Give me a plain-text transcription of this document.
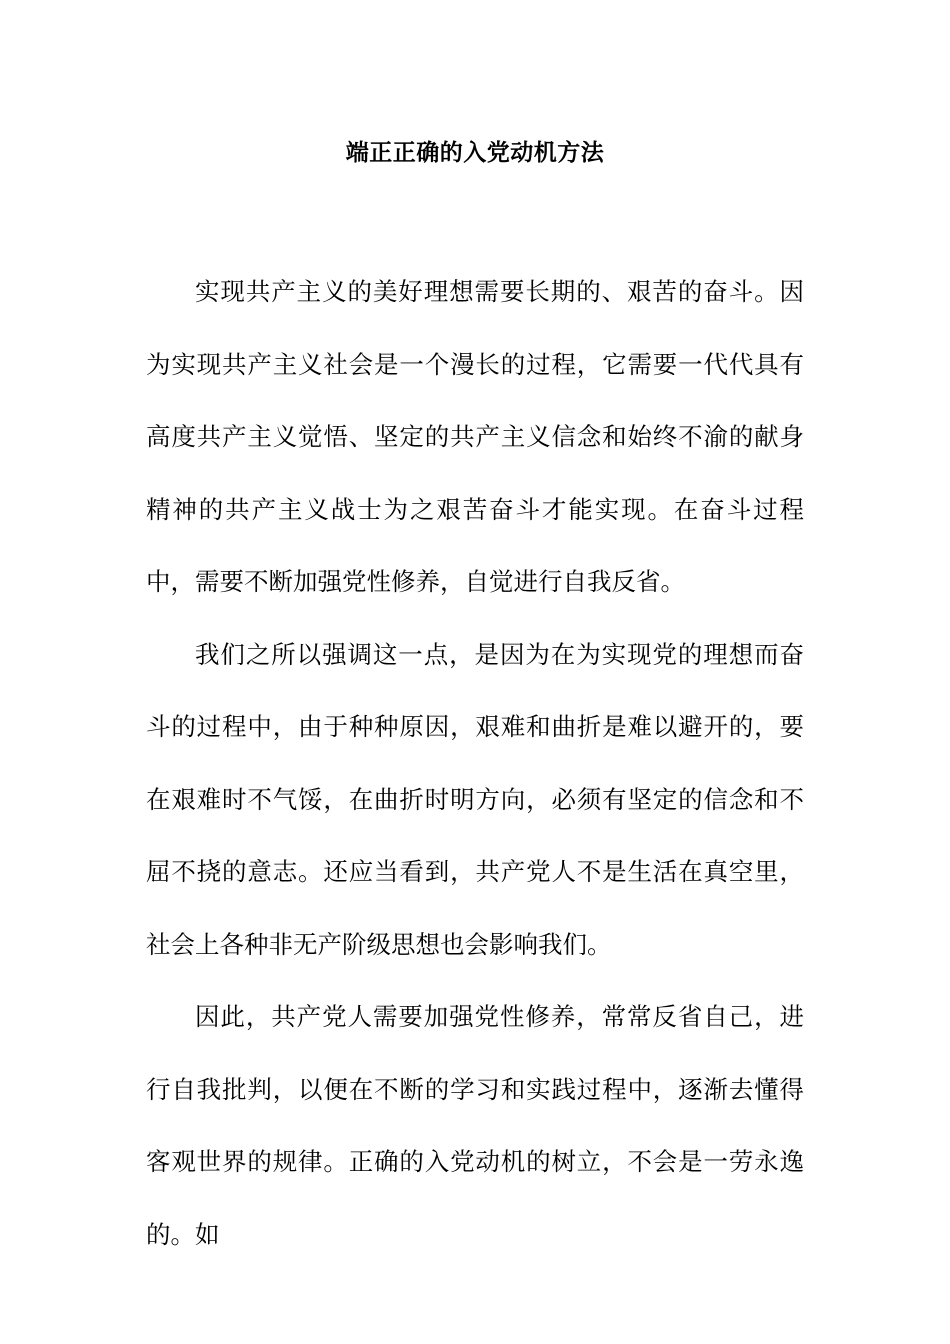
端正正确的入党动机方法

实现共产主义的美好理想需要长期的、艰苦的奋斗。因为实现共产主义社会是一个漫长的过程，它需要一代代具有高度共产主义觉悟、坚定的共产主义信念和始终不渝的献身精神的共产主义战士为之艰苦奋斗才能实现。在奋斗过程中，需要不断加强党性修养，自觉进行自我反省。

我们之所以强调这一点，是因为在为实现党的理想而奋斗的过程中，由于种种原因，艰难和曲折是难以避开的，要在艰难时不气馁，在曲折时明方向，必须有坚定的信念和不屈不挠的意志。还应当看到，共产党人不是生活在真空里，社会上各种非无产阶级思想也会影响我们。

因此，共产党人需要加强党性修养，常常反省自己，进行自我批判，以便在不断的学习和实践过程中，逐渐去懂得客观世界的规律。正确的入党动机的树立，不会是一劳永逸的。如
